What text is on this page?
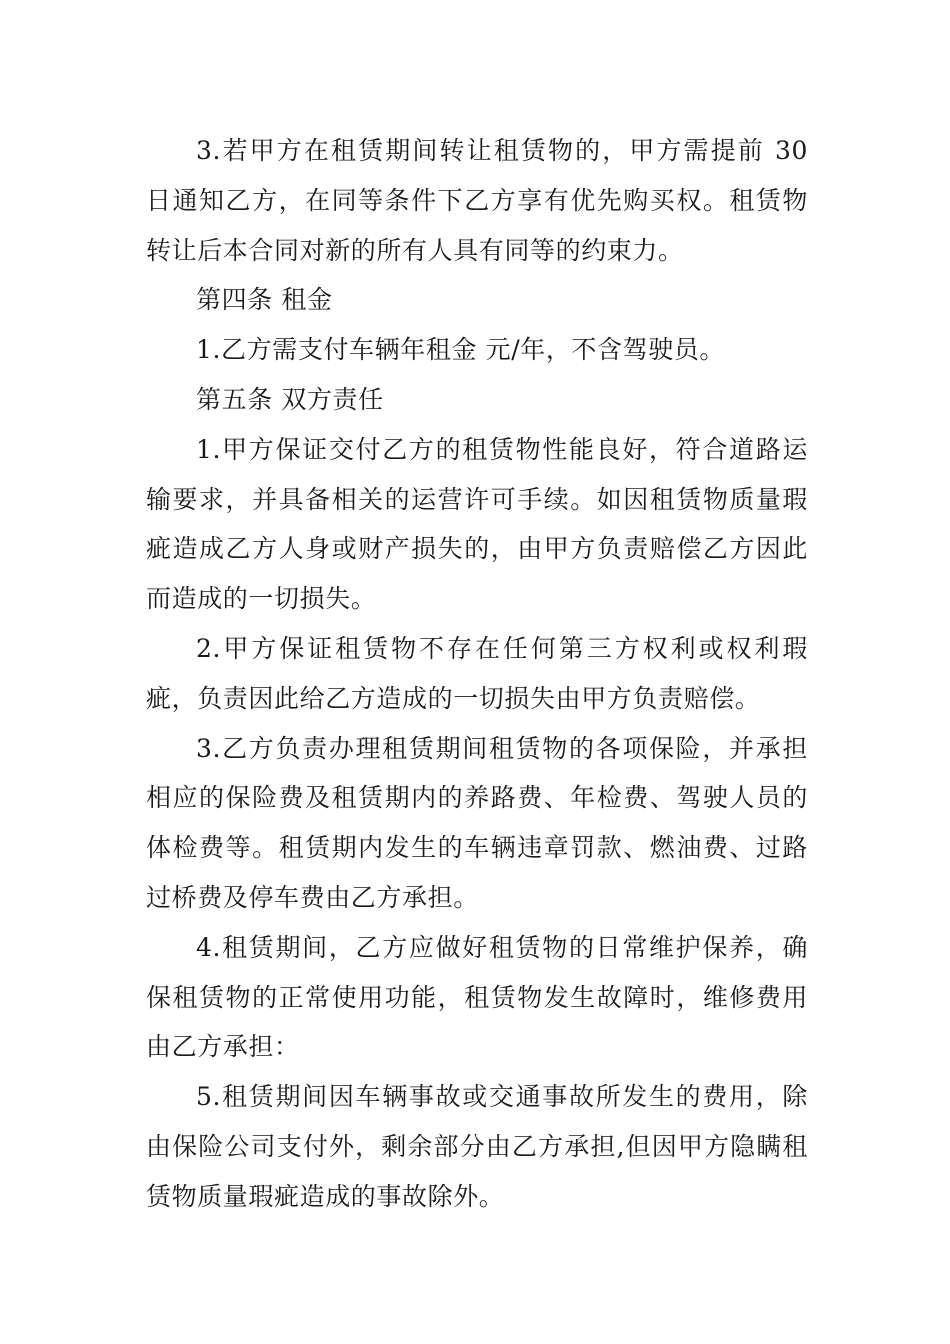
3.若甲方在租赁期间转让租赁物的，甲方需提前 30 日通知乙方，在同等条件下乙方享有优先购买权。租赁物转让后本合同对新的所有人具有同等的约束力。

第四条 租金

1.乙方需支付车辆年租金 元/年，不含驾驶员。

第五条 双方责任

1.甲方保证交付乙方的租赁物性能良好，符合道路运输要求，并具备相关的运营许可手续。如因租赁物质量瑕疵造成乙方人身或财产损失的，由甲方负责赔偿乙方因此而造成的一切损失。

2.甲方保证租赁物不存在任何第三方权利或权利瑕疵，负责因此给乙方造成的一切损失由甲方负责赔偿。

3.乙方负责办理租赁期间租赁物的各项保险，并承担相应的保险费及租赁期内的养路费、年检费、驾驶人员的体检费等。租赁期内发生的车辆违章罚款、燃油费、过路过桥费及停车费由乙方承担。

4.租赁期间，乙方应做好租赁物的日常维护保养，确保租赁物的正常使用功能，租赁物发生故障时，维修费用由乙方承担：

5.租赁期间因车辆事故或交通事故所发生的费用，除由保险公司支付外，剩余部分由乙方承担,但因甲方隐瞒租赁物质量瑕疵造成的事故除外。
